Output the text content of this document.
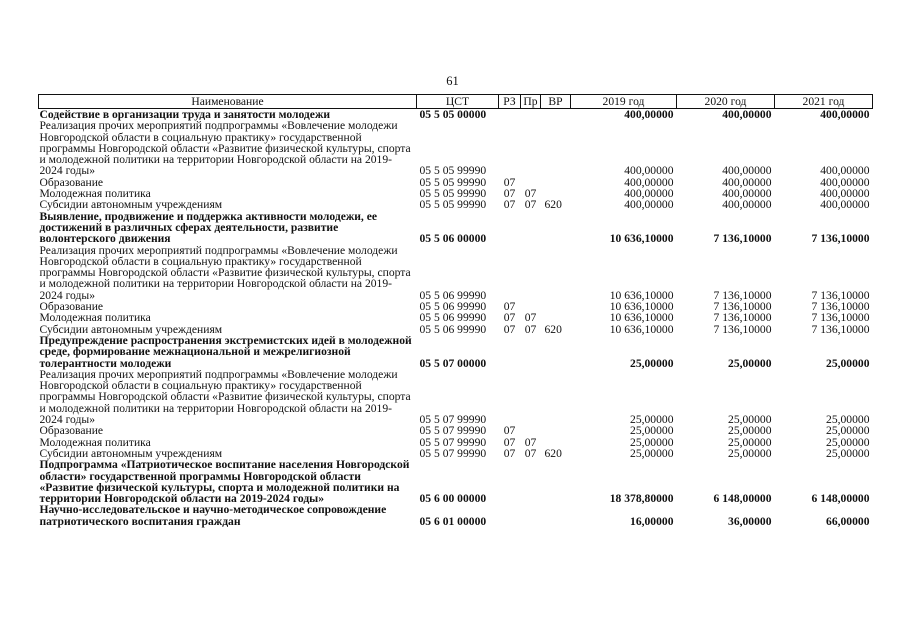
61
Наименование	ЦСТ	РЗ	Пр	ВР	2019 год	2020 год	2021 год
Содействие в организации труда и занятости молодежи	05 5 05 00000				400,00000	400,00000	400,00000
Реализация прочих мероприятий подпрограммы «Вовлечение молодежи Новгородской области в социальную практику» государственной программы Новгородской области «Развитие физической культуры, спорта и молодежной политики на территории Новгородской области на 2019-2024 годы»	05 5 05 99990				400,00000	400,00000	400,00000
Образование	05 5 05 99990	07			400,00000	400,00000	400,00000
Молодежная политика	05 5 05 99990	07	07		400,00000	400,00000	400,00000
Субсидии автономным учреждениям	05 5 05 99990	07	07	620	400,00000	400,00000	400,00000
Выявление, продвижение и поддержка активности молодежи, ее достижений в различных сферах деятельности, развитие волонтерского движения	05 5 06 00000				10 636,10000	7 136,10000	7 136,10000
Реализация прочих мероприятий подпрограммы «Вовлечение молодежи Новгородской области в социальную практику» государственной программы Новгородской области «Развитие физической культуры, спорта и молодежной политики на территории Новгородской области на 2019-2024 годы»	05 5 06 99990				10 636,10000	7 136,10000	7 136,10000
Образование	05 5 06 99990	07			10 636,10000	7 136,10000	7 136,10000
Молодежная политика	05 5 06 99990	07	07		10 636,10000	7 136,10000	7 136,10000
Субсидии автономным учреждениям	05 5 06 99990	07	07	620	10 636,10000	7 136,10000	7 136,10000
Предупреждение распространения экстремистских идей в молодежной среде, формирование межнациональной и межрелигиозной толерантности молодежи	05 5 07 00000				25,00000	25,00000	25,00000
Реализация прочих мероприятий подпрограммы «Вовлечение молодежи Новгородской области в социальную практику» государственной программы Новгородской области «Развитие физической культуры, спорта и молодежной политики на территории Новгородской области на 2019-2024 годы»	05 5 07 99990				25,00000	25,00000	25,00000
Образование	05 5 07 99990	07			25,00000	25,00000	25,00000
Молодежная политика	05 5 07 99990	07	07		25,00000	25,00000	25,00000
Субсидии автономным учреждениям	05 5 07 99990	07	07	620	25,00000	25,00000	25,00000
Подпрограмма «Патриотическое воспитание населения Новгородской области» государственной программы Новгородской области «Развитие физической культуры, спорта и молодежной политики на территории Новгородской области на 2019-2024 годы»	05 6 00 00000				18 378,80000	6 148,00000	6 148,00000
Научно-исследовательское и научно-методическое сопровождение патриотического воспитания граждан	05 6 01 00000				16,00000	36,00000	66,00000
